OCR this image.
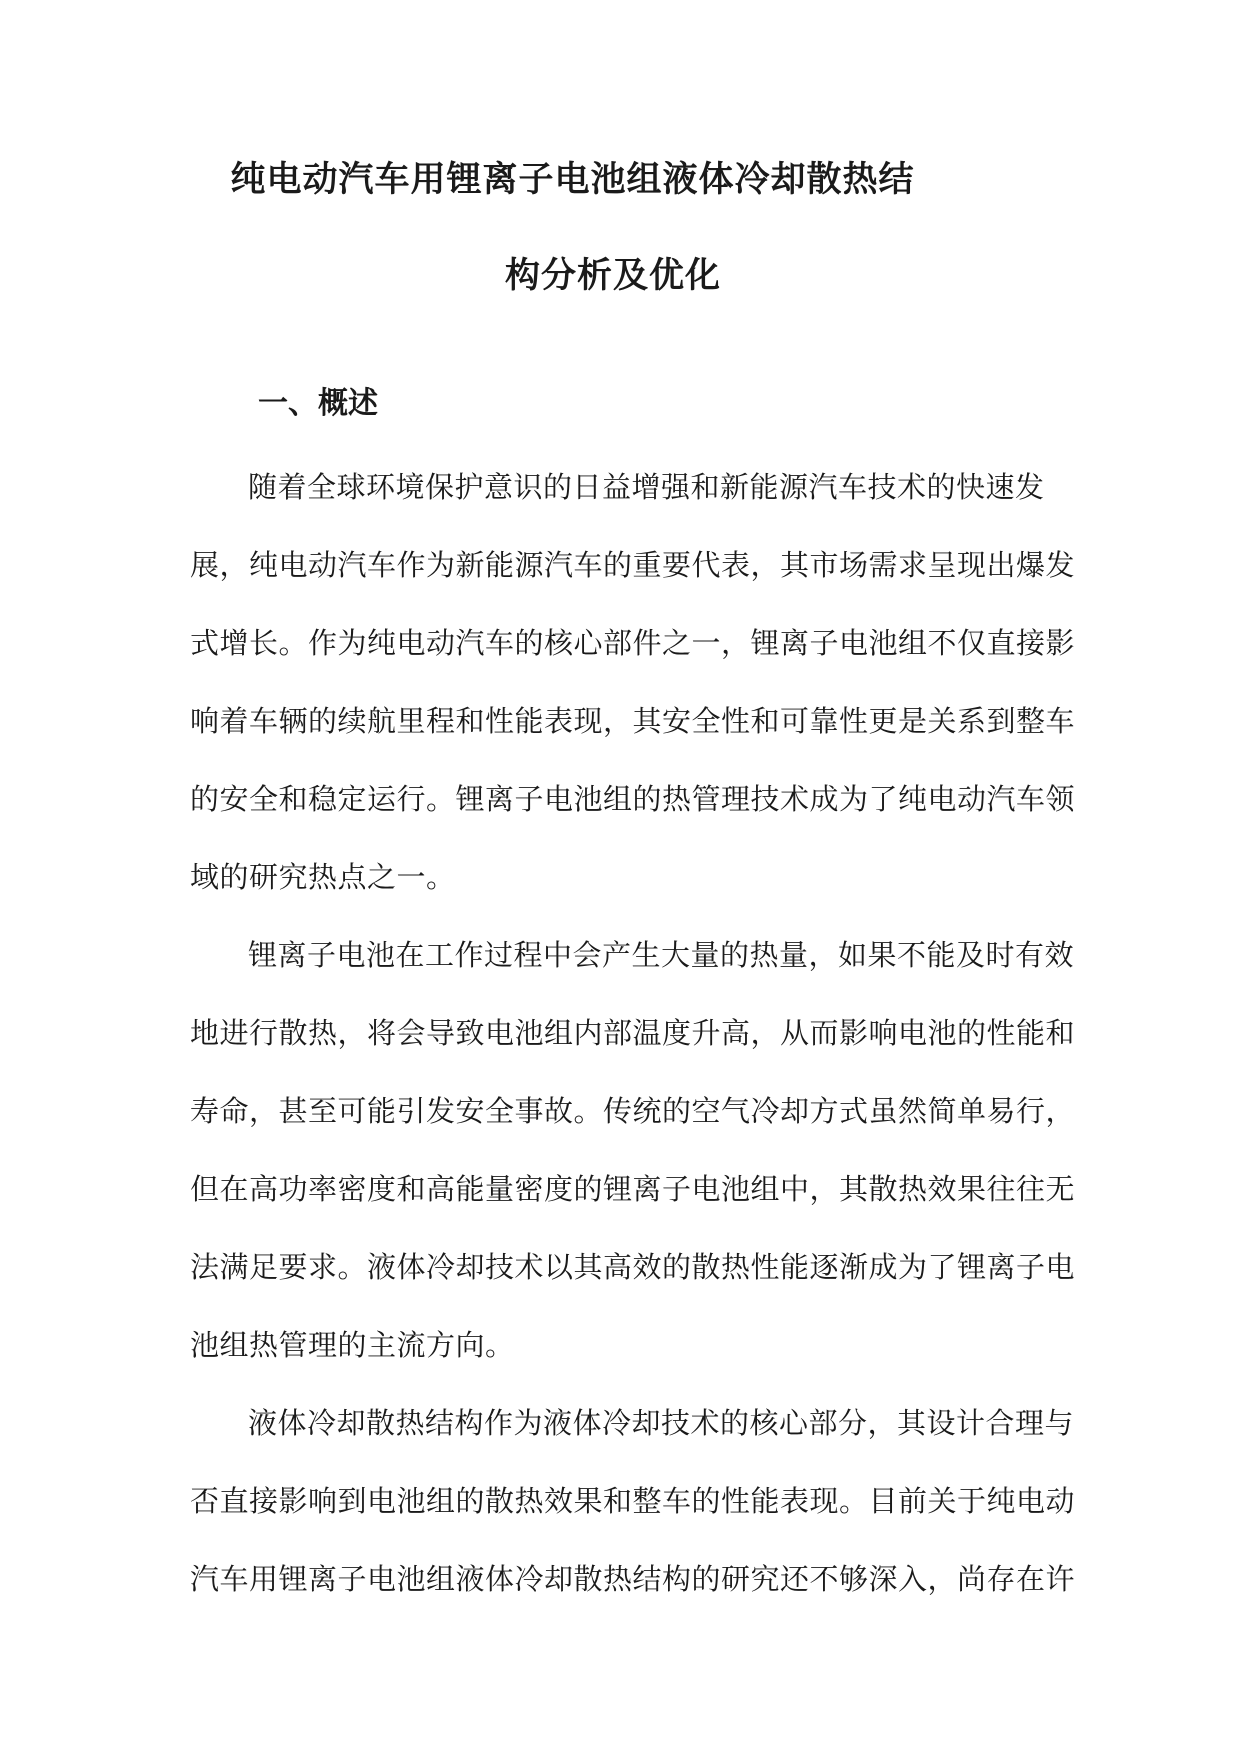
纯电动汽车用锂离子电池组液体冷却散热结
构分析及优化
一、概述
随着全球环境保护意识的日益增强和新能源汽车技术的快速发
展，纯电动汽车作为新能源汽车的重要代表，其市场需求呈现出爆发
式增长。作为纯电动汽车的核心部件之一，锂离子电池组不仅直接影
响着车辆的续航里程和性能表现，其安全性和可靠性更是关系到整车
的安全和稳定运行。锂离子电池组的热管理技术成为了纯电动汽车领
域的研究热点之一。
锂离子电池在工作过程中会产生大量的热量，如果不能及时有效
地进行散热，将会导致电池组内部温度升高，从而影响电池的性能和
寿命，甚至可能引发安全事故。传统的空气冷却方式虽然简单易行，
但在高功率密度和高能量密度的锂离子电池组中，其散热效果往往无
法满足要求。液体冷却技术以其高效的散热性能逐渐成为了锂离子电
池组热管理的主流方向。
液体冷却散热结构作为液体冷却技术的核心部分，其设计合理与
否直接影响到电池组的散热效果和整车的性能表现。目前关于纯电动
汽车用锂离子电池组液体冷却散热结构的研究还不够深入，尚存在许
